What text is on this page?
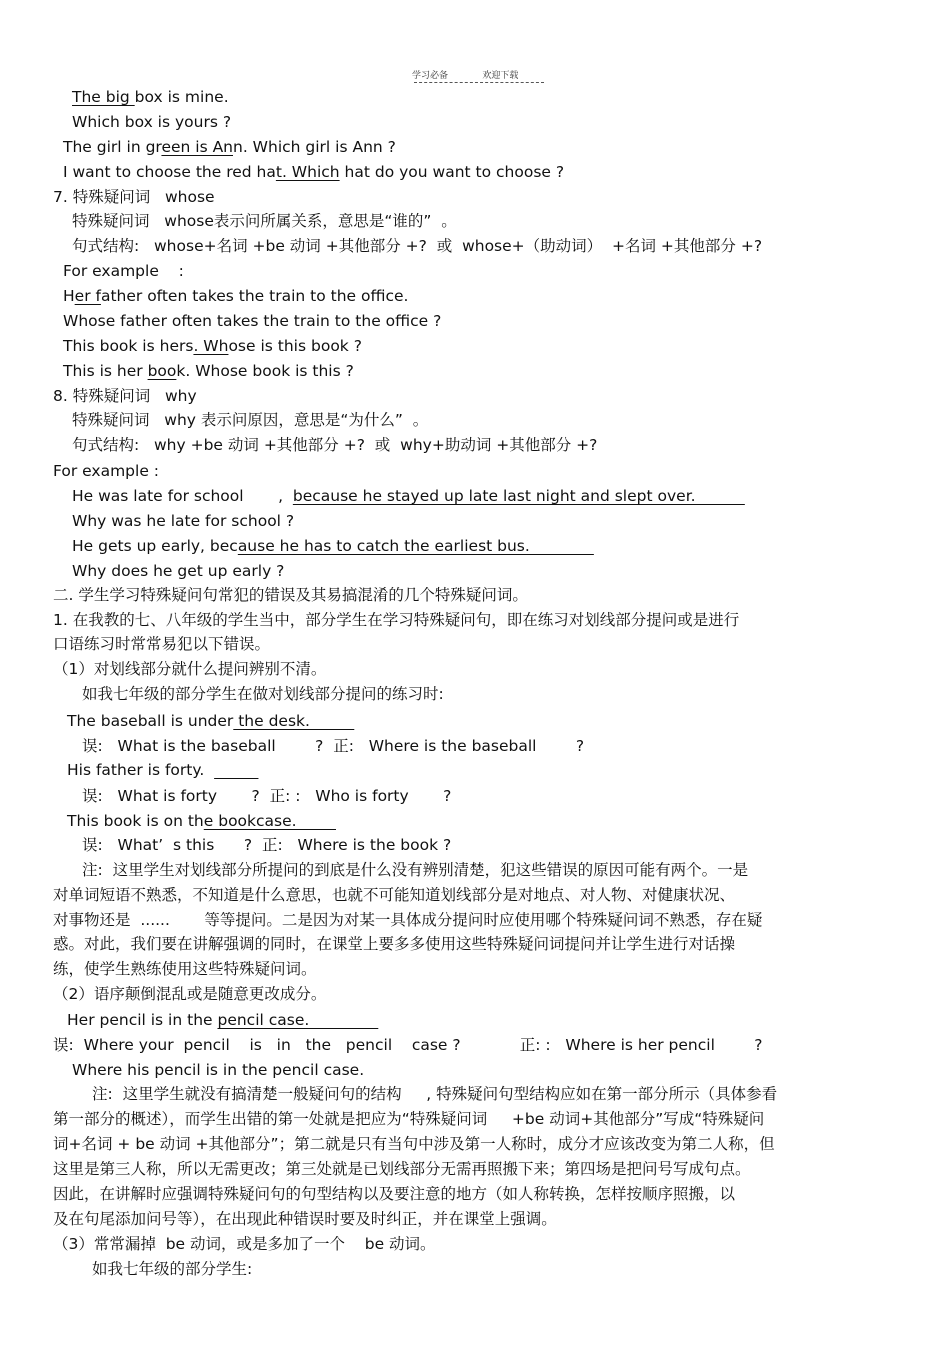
学习必备	欢迎下载
The big box is mine.
Which box is yours ?
The girl in green is Ann. Which girl is Ann ?
I want to choose the red hat. Which hat do you want to choose ?
7. 特殊疑问词   whose
特殊疑问词   whose表示问所属关系，意思是“谁的”  。
句式结构:   whose+名词 +be 动词 +其他部分 +?  或  whose+（助动词）  +名词 +其他部分 +?
For example    :
Her father often takes the train to the office.
Whose father often takes the train to the office ?
This book is hers. Whose is this book ?
This is her book. Whose book is this ?
8. 特殊疑问词   why
特殊疑问词   why 表示问原因，意思是“为什么”  。
句式结构:   why +be 动词 +其他部分 +?  或  why+助动词 +其他部分 +?
For example :
He was late for school       ,  because he stayed up late last night and slept over.
Why was he late for school ?
He gets up early, because he has to catch the earliest bus.
Why does he get up early ?
二. 学生学习特殊疑问句常犯的错误及其易搞混淆的几个特殊疑问词。
1. 在我教的七、八年级的学生当中，部分学生在学习特殊疑问句，即在练习对划线部分提问或是进行
口语练习时常常易犯以下错误。
（1）对划线部分就什么提问辨别不清。
如我七年级的部分学生在做对划线部分提问的练习时:
The baseball is under the desk.
误:   What is the baseball        ?  正:   Where is the baseball        ?
His father is forty.
误:   What is forty       ?  正: :   Who is forty       ?
This book is on the bookcase.
误:   What’  s this      ?  正:   Where is the book ?
注:  这里学生对划线部分所提问的到底是什么没有辨别清楚，犯这些错误的原因可能有两个。一是
对单词短语不熟悉，不知道是什么意思，也就不可能知道划线部分是对地点、对人物、对健康状况、
对事物还是  ......       等等提问。二是因为对某一具体成分提问时应使用哪个特殊疑问词不熟悉，存在疑
惑。对此，我们要在讲解强调的同时，在课堂上要多多使用这些特殊疑问词提问并让学生进行对话操
练，使学生熟练使用这些特殊疑问词。
（2）语序颠倒混乱或是随意更改成分。
Her pencil is in the pencil case.
误:  Where your  pencil    is   in   the   pencil    case ?            正: :   Where is her pencil        ?
Where his pencil is in the pencil case.
注:  这里学生就没有搞清楚一般疑问句的结构     , 特殊疑问句型结构应如在第一部分所示（具体参看
第一部分的概述），而学生出错的第一处就是把应为“特殊疑问词     +be 动词+其他部分”写成“特殊疑问
词+名词 + be 动词 +其他部分”；第二就是只有当句中涉及第一人称时，成分才应该改变为第二人称，但
这里是第三人称，所以无需更改；第三处就是已划线部分无需再照搬下来；第四场是把问号写成句点。
因此，在讲解时应强调特殊疑问句的句型结构以及要注意的地方（如人称转换，怎样按顺序照搬，以
及在句尾添加问号等），在出现此种错误时要及时纠正，并在课堂上强调。
（3）常常漏掉  be 动词，或是多加了一个    be 动词。
如我七年级的部分学生:
